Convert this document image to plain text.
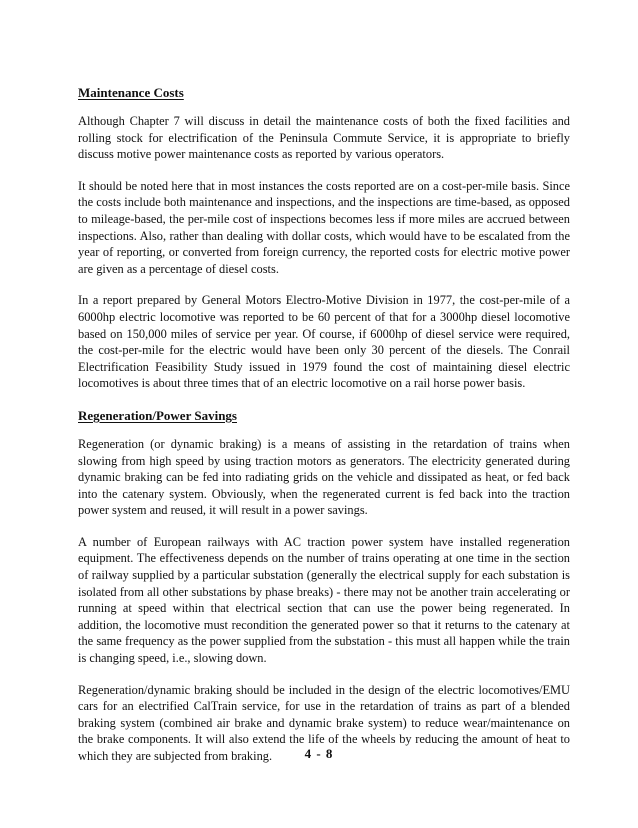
Maintenance Costs

Although Chapter 7 will discuss in detail the maintenance costs of both the fixed facilities and rolling stock for electrification of the Peninsula Commute Service, it is appropriate to briefly discuss motive power maintenance costs as reported by various operators.

It should be noted here that in most instances the costs reported are on a cost-per-mile basis. Since the costs include both maintenance and inspections, and the inspections are time-based, as opposed to mileage-based, the per-mile cost of inspections becomes less if more miles are accrued between inspections. Also, rather than dealing with dollar costs, which would have to be escalated from the year of reporting, or converted from foreign currency, the reported costs for electric motive power are given as a percentage of diesel costs.

In a report prepared by General Motors Electro-Motive Division in 1977, the cost-per-mile of a 6000hp electric locomotive was reported to be 60 percent of that for a 3000hp diesel locomotive based on 150,000 miles of service per year. Of course, if 6000hp of diesel service were required, the cost-per-mile for the electric would have been only 30 percent of the diesels. The Conrail Electrification Feasibility Study issued in 1979 found the cost of maintaining diesel electric locomotives is about three times that of an electric locomotive on a rail horse power basis.

Regeneration/Power Savings

Regeneration (or dynamic braking) is a means of assisting in the retardation of trains when slowing from high speed by using traction motors as generators. The electricity generated during dynamic braking can be fed into radiating grids on the vehicle and dissipated as heat, or fed back into the catenary system. Obviously, when the regenerated current is fed back into the traction power system and reused, it will result in a power savings.

A number of European railways with AC traction power system have installed regeneration equipment. The effectiveness depends on the number of trains operating at one time in the section of railway supplied by a particular substation (generally the electrical supply for each substation is isolated from all other substations by phase breaks) - there may not be another train accelerating or running at speed within that electrical section that can use the power being regenerated. In addition, the locomotive must recondition the generated power so that it returns to the catenary at the same frequency as the power supplied from the substation - this must all happen while the train is changing speed, i.e., slowing down.

Regeneration/dynamic braking should be included in the design of the electric locomotives/EMU cars for an electrified CalTrain service, for use in the retardation of trains as part of a blended braking system (combined air brake and dynamic brake system) to reduce wear/maintenance on the brake components. It will also extend the life of the wheels by reducing the amount of heat to which they are subjected from braking.	4 - 8
